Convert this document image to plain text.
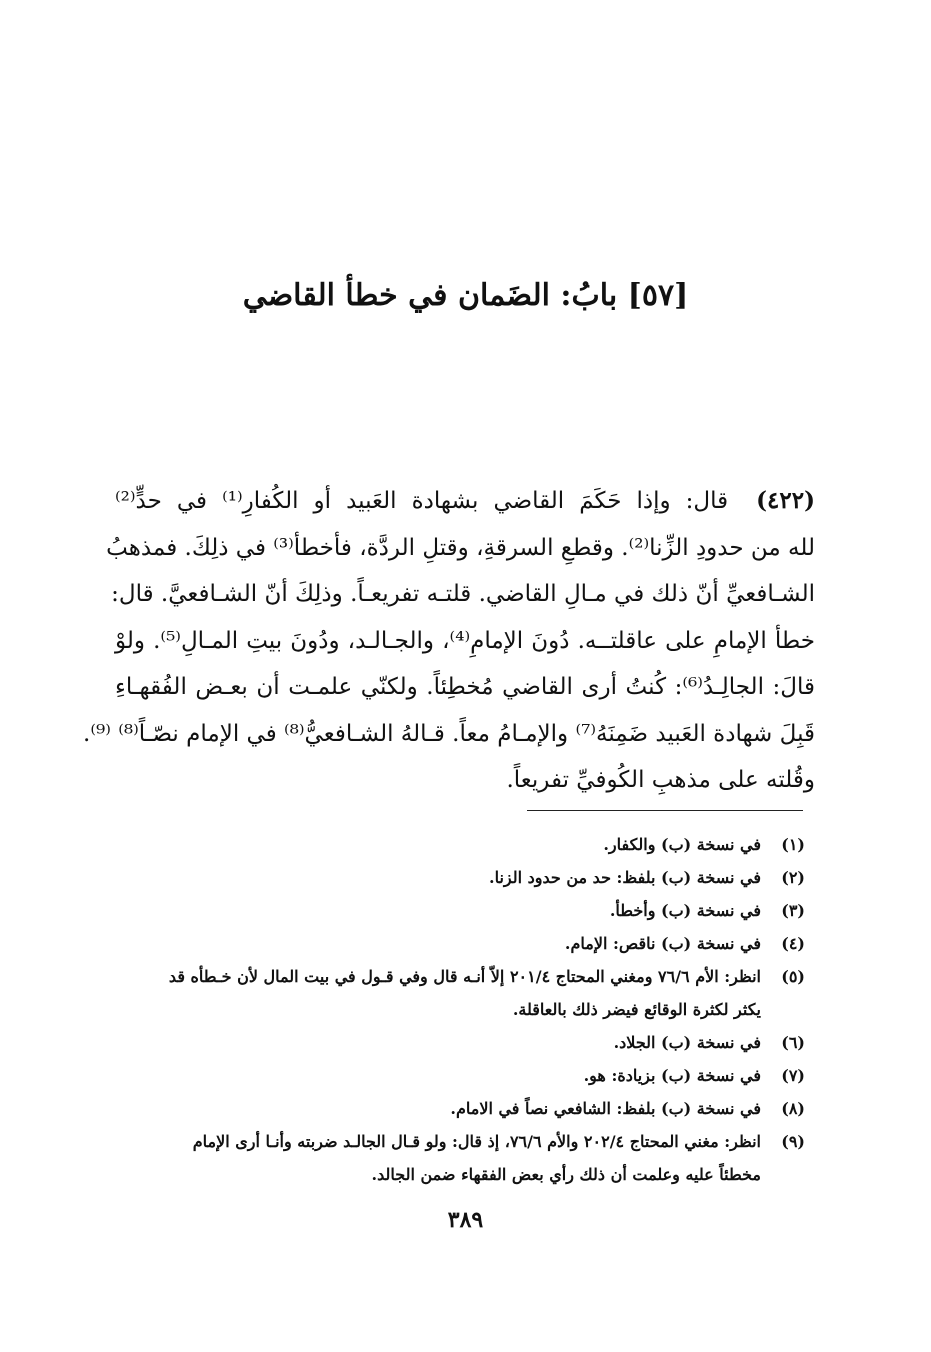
[٥٧] بابُ: الضَمان في خطأ القاضي
(٤٢٢)قال: وإذا حَكَمَ القاضي بشهادة العَبيد أو الكُفارِ⁽¹⁾ في حدٍّ⁽²⁾
لله من حدودِ الزِّنا⁽²⁾. وقطعِ السرقةِ، وقتلِ الردَّة، فأخطأ⁽³⁾ في ذلِكَ. فمذهبُ
الشـافعيِّ أنّ ذلك في مـالِ القاضي. قلتـه تفريعـاً. وذلِكَ أنّ الشـافعيَّ. قال:
خطأ الإمامِ على عاقلتــه. دُونَ الإمامِ⁽⁴⁾، والجـالـد، ودُونَ بيتِ المـالِ⁽⁵⁾. ولوْ
قالَ: الجالِـدُ⁽⁶⁾: كُنتُ أرى القاضي مُخطِئاً. ولكنّي علمـت أن بعـض الفُقهـاءِ
قَبِلَ شهادة العَبيد ضَمِنَهُ⁽⁷⁾ والإمـامُ معاً. قـالهُ الشـافعيُّ⁽⁸⁾ في الإمام نصّـاً⁽⁸⁾ ⁽⁹⁾.
وقُلته على مذهبِ الكُوفيِّ تفريعاً.
(١)
في نسخة (ب) والكفار.
(٢)
في نسخة (ب) بلفظ: حد من حدود الزنا.
(٣)
في نسخة (ب) وأخطأ.
(٤)
في نسخة (ب) ناقص: الإمام.
(٥)
انظر: الأم ٧٦/٦ ومغني المحتاج ٢٠١/٤ إلاّ أنـه قال وفي قـول في بيت المال لأن خـطأه قد
يكثر لكثرة الوقائع فيضر ذلك بالعاقلة.
(٦)
في نسخة (ب) الجلاد.
(٧)
في نسخة (ب) بزيادة: هو.
(٨)
في نسخة (ب) بلفظ: الشافعي نصاً في الامام.
(٩)
انظر: مغني المحتاج ٢٠٢/٤ والأم ٧٦/٦، إذ قال: ولو قـال الجالـد ضربته وأنـا أرى الإمام
مخطئاً عليه وعلمت أن ذلك رأي بعض الفقهاء ضمن الجالد.
٣٨٩
